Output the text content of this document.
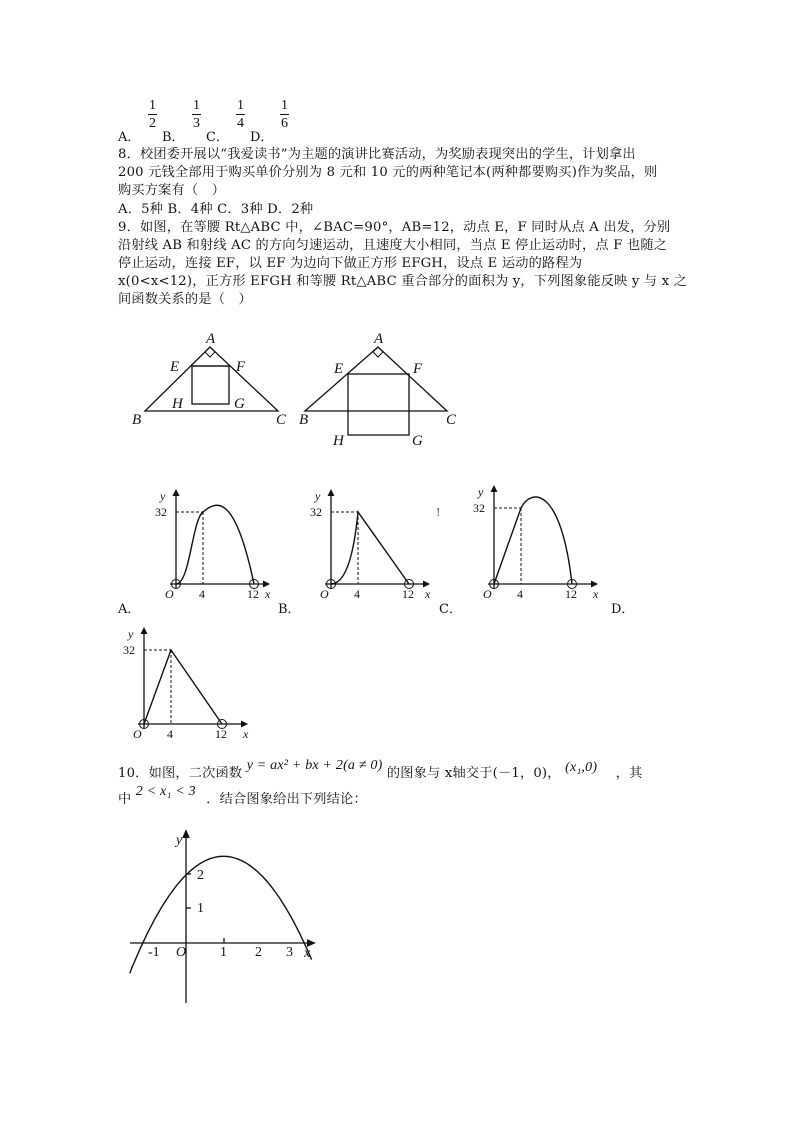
A．
$\frac{1}{2}$
B．
$\frac{1}{3}$
C．
$\frac{1}{4}$
D．
$\frac{1}{6}$
8．校团委开展以“我爱读书”为主题的演讲比赛活动，为奖励表现突出的学生，计划拿出
200 元钱全部用于购买单价分别为 8 元和 10 元的两种笔记本(两种都要购买)作为奖品，则
购买方案有（　）
A．5种 B．4种 C．3种 D．2种
9．如图，在等腰 Rt△ABC 中，∠BAC=90°，AB=12，动点 E，F 同时从点 A 出发，分别
沿射线 AB 和射线 AC 的方向匀速运动，且速度大小相同，当点 E 停止运动时，点 F 也随之
停止运动，连接 EF，以 EF 为边向下做正方形 EFGH，设点 E 运动的路程为
x(0<x<12)，正方形 EFGH 和等腰 Rt△ABC 重合部分的面积为 y，下列图象能反映 y 与 x 之
间函数关系的是（　）
A
E	F
H	G
B	C
A
E	F
B	C
H	G
y
32
O 4	12 x
y
32
O 4	12 x
y
32
O 4	12 x
y
32
O 4	12 x
A．	B．	C．	D．
!
10．如图，二次函数 y = ax² + bx + 2(a ≠ 0) 的图象与 x轴交于(－1，0)， (x₁,0) ，其
中 2 < x₁ < 3 ．结合图象给出下列结论：
y
x
O
2
1
-1	1 2 3
